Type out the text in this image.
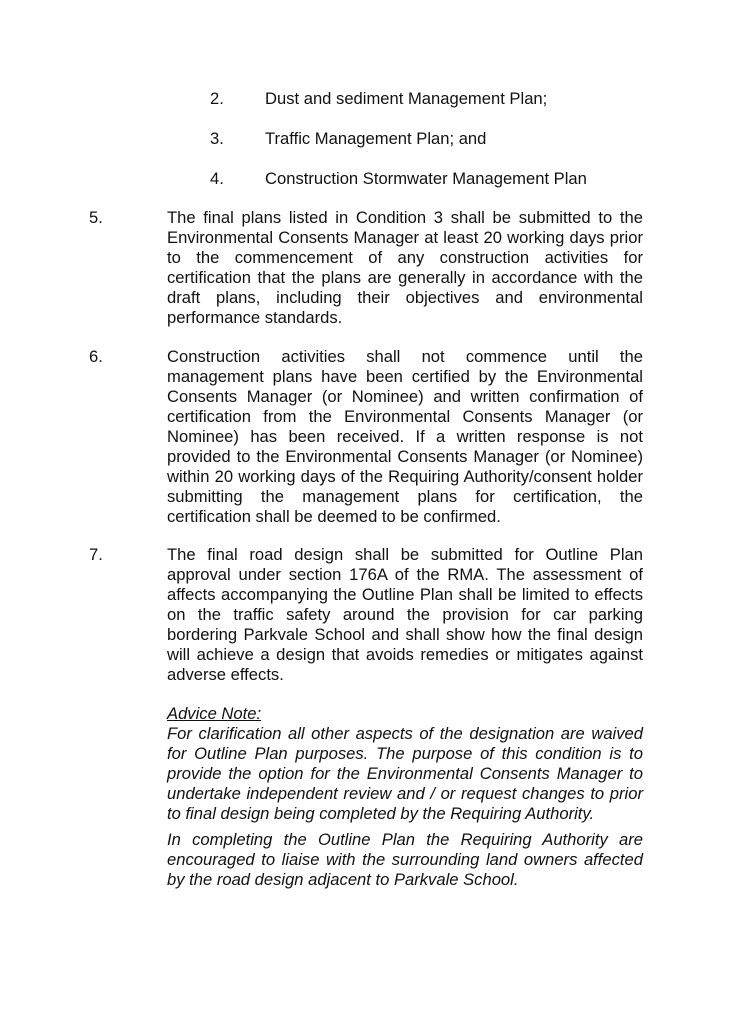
2. Dust and sediment Management Plan;
3. Traffic Management Plan; and
4. Construction Stormwater Management Plan
5.	The final plans listed in Condition 3 shall be submitted to the Environmental Consents Manager at least 20 working days prior to the commencement of any construction activities for certification that the plans are generally in accordance with the draft plans, including their objectives and environmental performance standards.
6.	Construction activities shall not commence until the management plans have been certified by the Environmental Consents Manager (or Nominee) and written confirmation of certification from the Environmental Consents Manager (or Nominee) has been received. If a written response is not provided to the Environmental Consents Manager (or Nominee) within 20 working days of the Requiring Authority/consent holder submitting the management plans for certification, the certification shall be deemed to be confirmed.
7.	The final road design shall be submitted for Outline Plan approval under section 176A of the RMA. The assessment of affects accompanying the Outline Plan shall be limited to effects on the traffic safety around the provision for car parking bordering Parkvale School and shall show how the final design will achieve a design that avoids remedies or mitigates against adverse effects.
Advice Note:

For clarification all other aspects of the designation are waived for Outline Plan purposes. The purpose of this condition is to provide the option for the Environmental Consents Manager to undertake independent review and / or request changes to prior to final design being completed by the Requiring Authority.

In completing the Outline Plan the Requiring Authority are encouraged to liaise with the surrounding land owners affected by the road design adjacent to Parkvale School.
